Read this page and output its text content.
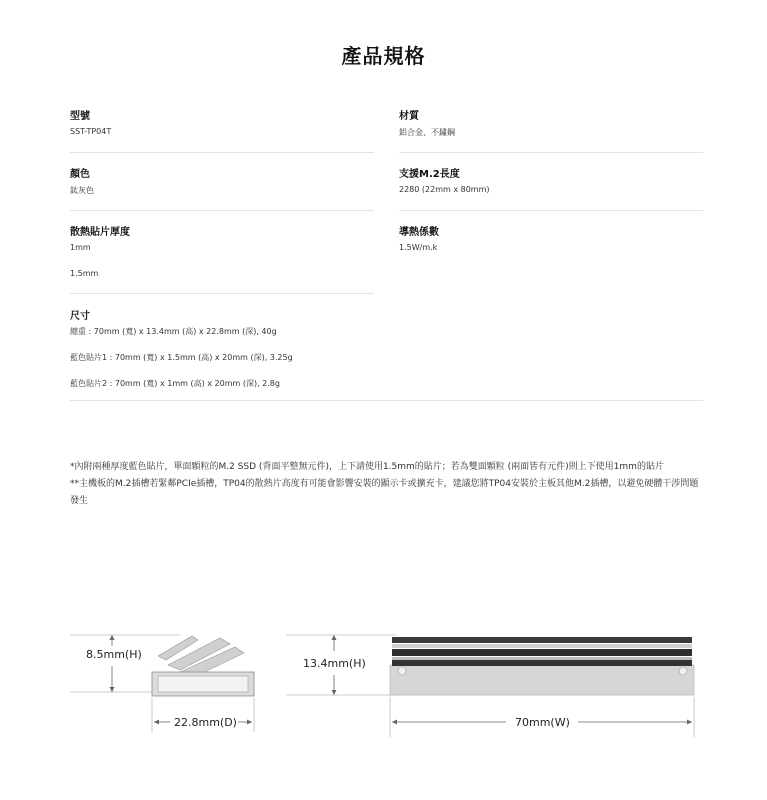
產品規格
型號
SST-TP04T
材質
鋁合金、不鏽鋼
顏色
鈦灰色
支援M.2長度
2280 (22mm x 80mm)
散熱貼片厚度
1mm
1.5mm
導熱係數
1.5W/m.k
尺寸
總重 : 70mm (寬) x 13.4mm (高) x 22.8mm (深), 40g
藍色貼片1 : 70mm (寬) x 1.5mm (高) x 20mm (深), 3.25g
藍色貼片2 : 70mm (寬) x 1mm (高) x 20mm (深), 2.8g
*內附兩種厚度藍色貼片，單面顆粒的M.2 SSD (背面平整無元件)，上下請使用1.5mm的貼片；若為雙面顆粒 (兩面皆有元件)則上下使用1mm的貼片
**主機板的M.2插槽若緊鄰PCIe插槽，TP04的散熱片高度有可能會影響安裝的顯示卡或擴充卡，建議您將TP04安裝於主板其他M.2插槽，以避免硬體干涉問題發生
8.5mm(H)
22.8mm(D)
13.4mm(H)
70mm(W)
